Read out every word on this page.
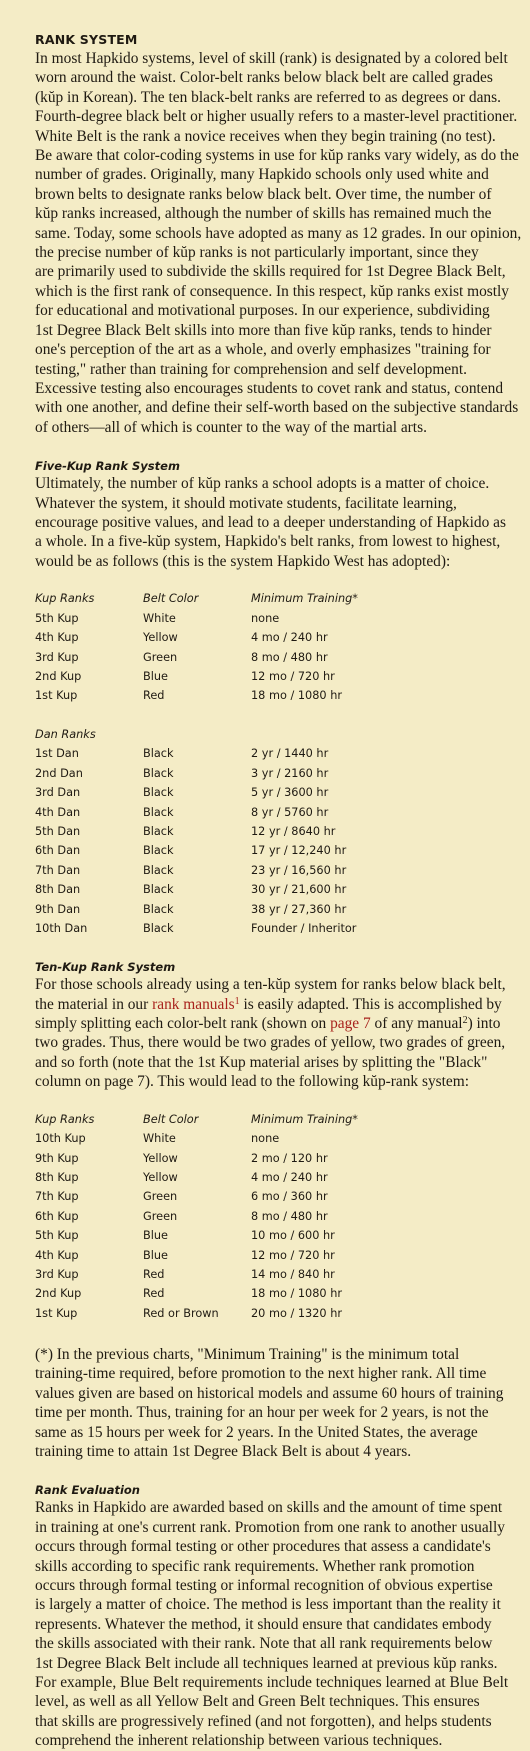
RANK SYSTEM

In most Hapkido systems, level of skill (rank) is designated by a colored belt
worn around the waist. Color-belt ranks below black belt are called grades
(kŭp in Korean). The ten black-belt ranks are referred to as degrees or dans.
Fourth-degree black belt or higher usually refers to a master-level practitioner.
White Belt is the rank a novice receives when they begin training (no test).
Be aware that color-coding systems in use for kŭp ranks vary widely, as do the
number of grades. Originally, many Hapkido schools only used white and
brown belts to designate ranks below black belt. Over time, the number of
kŭp ranks increased, although the number of skills has remained much the
same. Today, some schools have adopted as many as 12 grades. In our opinion,
the precise number of kŭp ranks is not particularly important, since they
are primarily used to subdivide the skills required for 1st Degree Black Belt,
which is the first rank of consequence. In this respect, kŭp ranks exist mostly
for educational and motivational purposes. In our experience, subdividing
1st Degree Black Belt skills into more than five kŭp ranks, tends to hinder
one's perception of the art as a whole, and overly emphasizes "training for
testing," rather than training for comprehension and self development.
Excessive testing also encourages students to covet rank and status, contend
with one another, and define their self-worth based on the subjective standards
of others—all of which is counter to the way of the martial arts.

Five-Kup Rank System

Ultimately, the number of kŭp ranks a school adopts is a matter of choice.
Whatever the system, it should motivate students, facilitate learning,
encourage positive values, and lead to a deeper understanding of Hapkido as
a whole. In a five-kŭp system, Hapkido's belt ranks, from lowest to highest,
would be as follows (this is the system Hapkido West has adopted):

Kup Ranks	Belt Color	Minimum Training*
5th Kup	White	none
4th Kup	Yellow	4 mo / 240 hr
3rd Kup	Green	8 mo / 480 hr
2nd Kup	Blue	12 mo / 720 hr
1st Kup	Red	18 mo / 1080 hr

Dan Ranks		
1st Dan	Black	2 yr / 1440 hr
2nd Dan	Black	3 yr / 2160 hr
3rd Dan	Black	5 yr / 3600 hr
4th Dan	Black	8 yr / 5760 hr
5th Dan	Black	12 yr / 8640 hr
6th Dan	Black	17 yr / 12,240 hr
7th Dan	Black	23 yr / 16,560 hr
8th Dan	Black	30 yr / 21,600 hr
9th Dan	Black	38 yr / 27,360 hr
10th Dan	Black	Founder / Inheritor
Ten-Kup Rank System

For those schools already using a ten-kŭp system for ranks below black belt,
the material in our rank manuals$^1$ is easily adapted. This is accomplished by
simply splitting each color-belt rank (shown on page 7 of any manual$^2$) into
two grades. Thus, there would be two grades of yellow, two grades of green,
and so forth (note that the 1st Kup material arises by splitting the "Black"
column on page 7). This would lead to the following kŭp-rank system:

Kup Ranks	Belt Color	Minimum Training*
10th Kup	White	none
9th Kup	Yellow	2 mo / 120 hr
8th Kup	Yellow	4 mo / 240 hr
7th Kup	Green	6 mo / 360 hr
6th Kup	Green	8 mo / 480 hr
5th Kup	Blue	10 mo / 600 hr
4th Kup	Blue	12 mo / 720 hr
3rd Kup	Red	14 mo / 840 hr
2nd Kup	Red	18 mo / 1080 hr
1st Kup	Red or Brown	20 mo / 1320 hr

(*) In the previous charts, "Minimum Training" is the minimum total
training-time required, before promotion to the next higher rank. All time
values given are based on historical models and assume 60 hours of training
time per month. Thus, training for an hour per week for 2 years, is not the
same as 15 hours per week for 2 years. In the United States, the average
training time to attain 1st Degree Black Belt is about 4 years.

Rank Evaluation

Ranks in Hapkido are awarded based on skills and the amount of time spent
in training at one's current rank. Promotion from one rank to another usually
occurs through formal testing or other procedures that assess a candidate's
skills according to specific rank requirements. Whether rank promotion
occurs through formal testing or informal recognition of obvious expertise
is largely a matter of choice. The method is less important than the reality it
represents. Whatever the method, it should ensure that candidates embody
the skills associated with their rank. Note that all rank requirements below
1st Degree Black Belt include all techniques learned at previous kŭp ranks.
For example, Blue Belt requirements include techniques learned at Blue Belt
level, as well as all Yellow Belt and Green Belt techniques. This ensures
that skills are progressively refined (and not forgotten), and helps students
comprehend the inherent relationship between various techniques.
